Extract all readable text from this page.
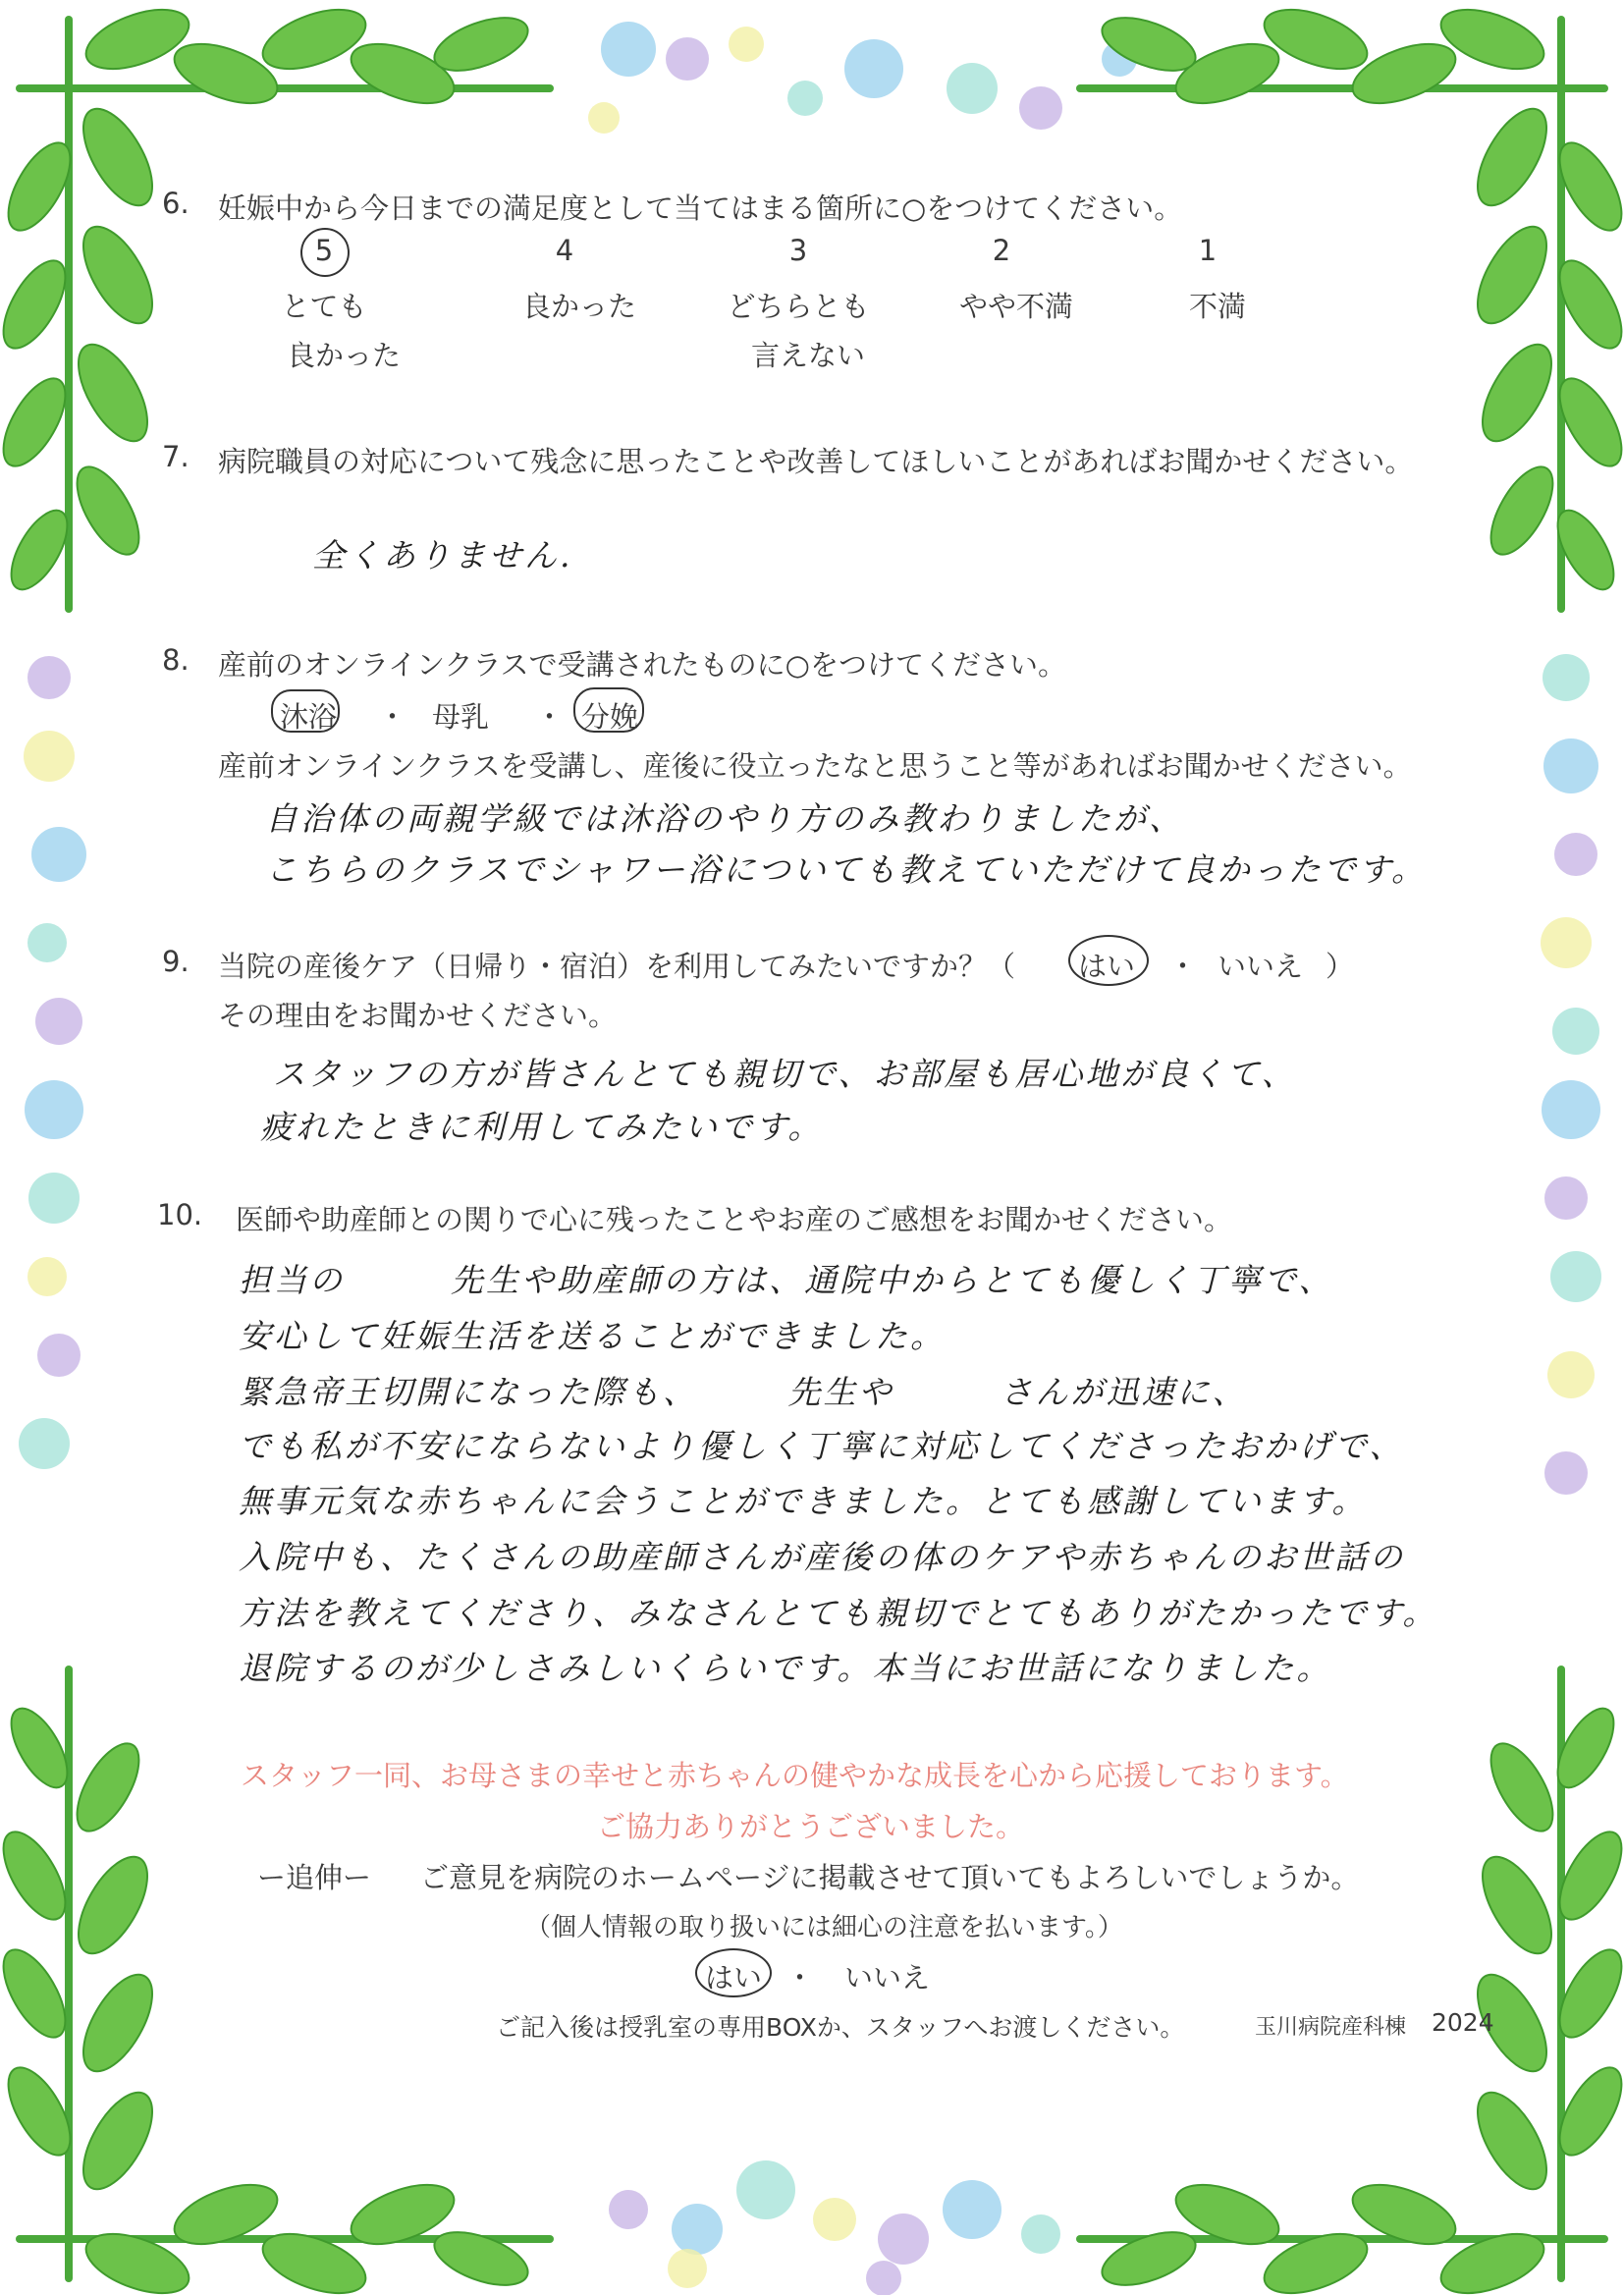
6. 妊娠中から今日までの満足度として当てはまる箇所に○をつけてください。
5
とても
良かった
4
良かった
3
どちらとも
言えない
2
やや不満
1
不満
7. 病院職員の対応について残念に思ったことや改善してほしいことがあればお聞かせください。
全くありません.
8. 産前のオンラインクラスで受講されたものに○をつけてください。
沐浴 ・ 母乳 ・ 分娩
産前オンラインクラスを受講し、産後に役立ったなと思うこと等があればお聞かせください。
自治体の両親学級では沐浴のやり方のみ教わりましたが、
こちらのクラスでシャワー浴についても教えていただけて良かったです。
9. 当院の産後ケア（日帰り・宿泊）を利用してみたいですか？（ はい ・ いいえ ）
その理由をお聞かせください。
スタッフの方が皆さんとても親切で、お部屋も居心地が良くて、
疲れたときに利用してみたいです。
10. 医師や助産師との関りで心に残ったことやお産のご感想をお聞かせください。
担当の　　　先生や助産師の方は、通院中からとても優しく丁寧で、
安心して妊娠生活を送ることができました。
緊急帝王切開になった際も、　　　先生や　　　さんが迅速に、
でも私が不安にならないより優しく丁寧に対応してくださったおかげで、
無事元気な赤ちゃんに会うことができました。とても感謝しています。
入院中も、たくさんの助産師さんが産後の体のケアや赤ちゃんのお世話の
方法を教えてくださり、みなさんとても親切でとてもありがたかったです。
退院するのが少しさみしいくらいです。本当にお世話になりました。
スタッフ一同、お母さまの幸せと赤ちゃんの健やかな成長を心から応援しております。
ご協力ありがとうございました。
ー追伸ー ご意見を病院のホームページに掲載させて頂いてもよろしいでしょうか。
（個人情報の取り扱いには細心の注意を払います。）
はい ・ いいえ
ご記入後は授乳室の専用BOXか、スタッフへお渡しください。	玉川病院産科棟 2024
